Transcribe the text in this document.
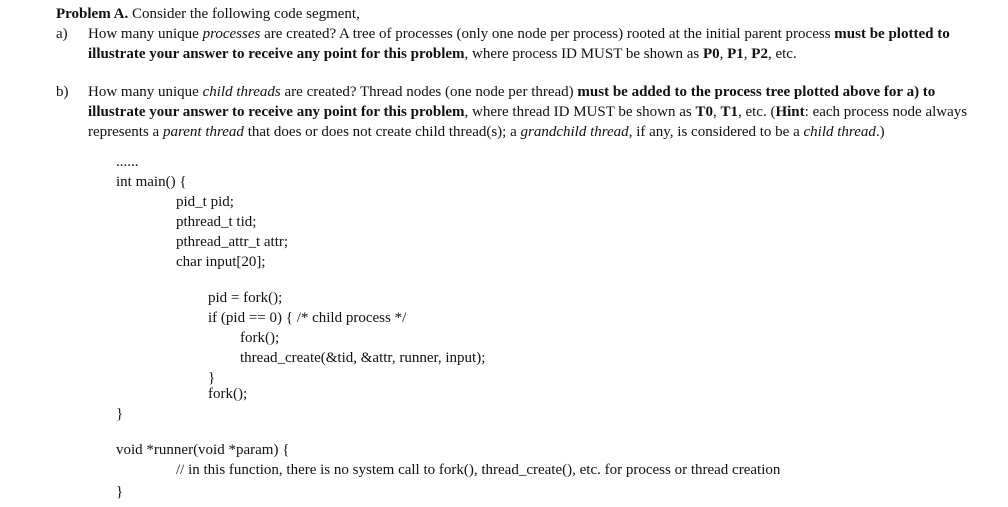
Problem A. Consider the following code segment,
a) How many unique processes are created? A tree of processes (only one node per process) rooted at the initial parent process must be plotted to illustrate your answer to receive any point for this problem, where process ID MUST be shown as P0, P1, P2, etc.
b) How many unique child threads are created? Thread nodes (one node per thread) must be added to the process tree plotted above for a) to illustrate your answer to receive any point for this problem, where thread ID MUST be shown as T0, T1, etc. (Hint: each process node always represents a parent thread that does or does not create child thread(s); a grandchild thread, if any, is considered to be a child thread.)
......
int main() {
pid_t pid;
pthread_t tid;
pthread_attr_t attr;
char input[20];
pid = fork();
if (pid == 0) { /* child process */
fork();
thread_create(&tid, &attr, runner, input);
}
fork();
}
void *runner(void *param) {
// in this function, there is no system call to fork(), thread_create(), etc. for process or thread creation
}
